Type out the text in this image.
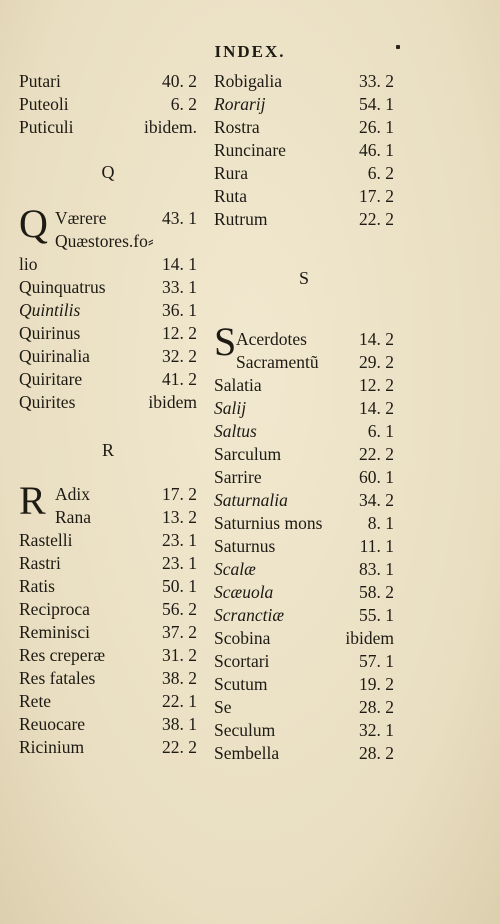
INDEX.
Putari	40. 2
Puteoli	6. 2
Puticuli	ibidem.
Q
Q Værere	43. 1
Quæstores.fo⸗
lio	14. 1
Quinquatrus	33. 1
Quintilis	36. 1
Quirinus	12. 2
Quirinalia	32. 2
Quiritare	41. 2
Quirites	ibidem
R
R Adix	17. 2
Rana	13. 2
Rastelli	23. 1
Rastri	23. 1
Ratis	50. 1
Reciproca	56. 2
Reminisci	37. 2
Res creperæ	31. 2
Res fatales	38. 2
Rete	22. 1
Reuocare	38. 1
Ricinium	22. 2
Robigalia	33. 2
Rorarij	54. 1
Rostra	26. 1
Runcinare	46. 1
Rura	6. 2
Ruta	17. 2
Rutrum	22. 2
S
S Acerdotes	14. 2
Sacramentũ 29. 2
Salatia	12. 2
Salij	14. 2
Saltus	6. 1
Sarculum	22. 2
Sarrire	60. 1
Saturnalia	34. 2
Saturnius mons	8. 1
Saturnus	11. 1
Scalæ	83. 1
Scæuola	58. 2
Scranctiæ	55. 1
Scobina	ibidem
Scortari	57. 1
Scutum	19. 2
Se	28. 2
Seculum	32. 1
Sembella	28. 2
